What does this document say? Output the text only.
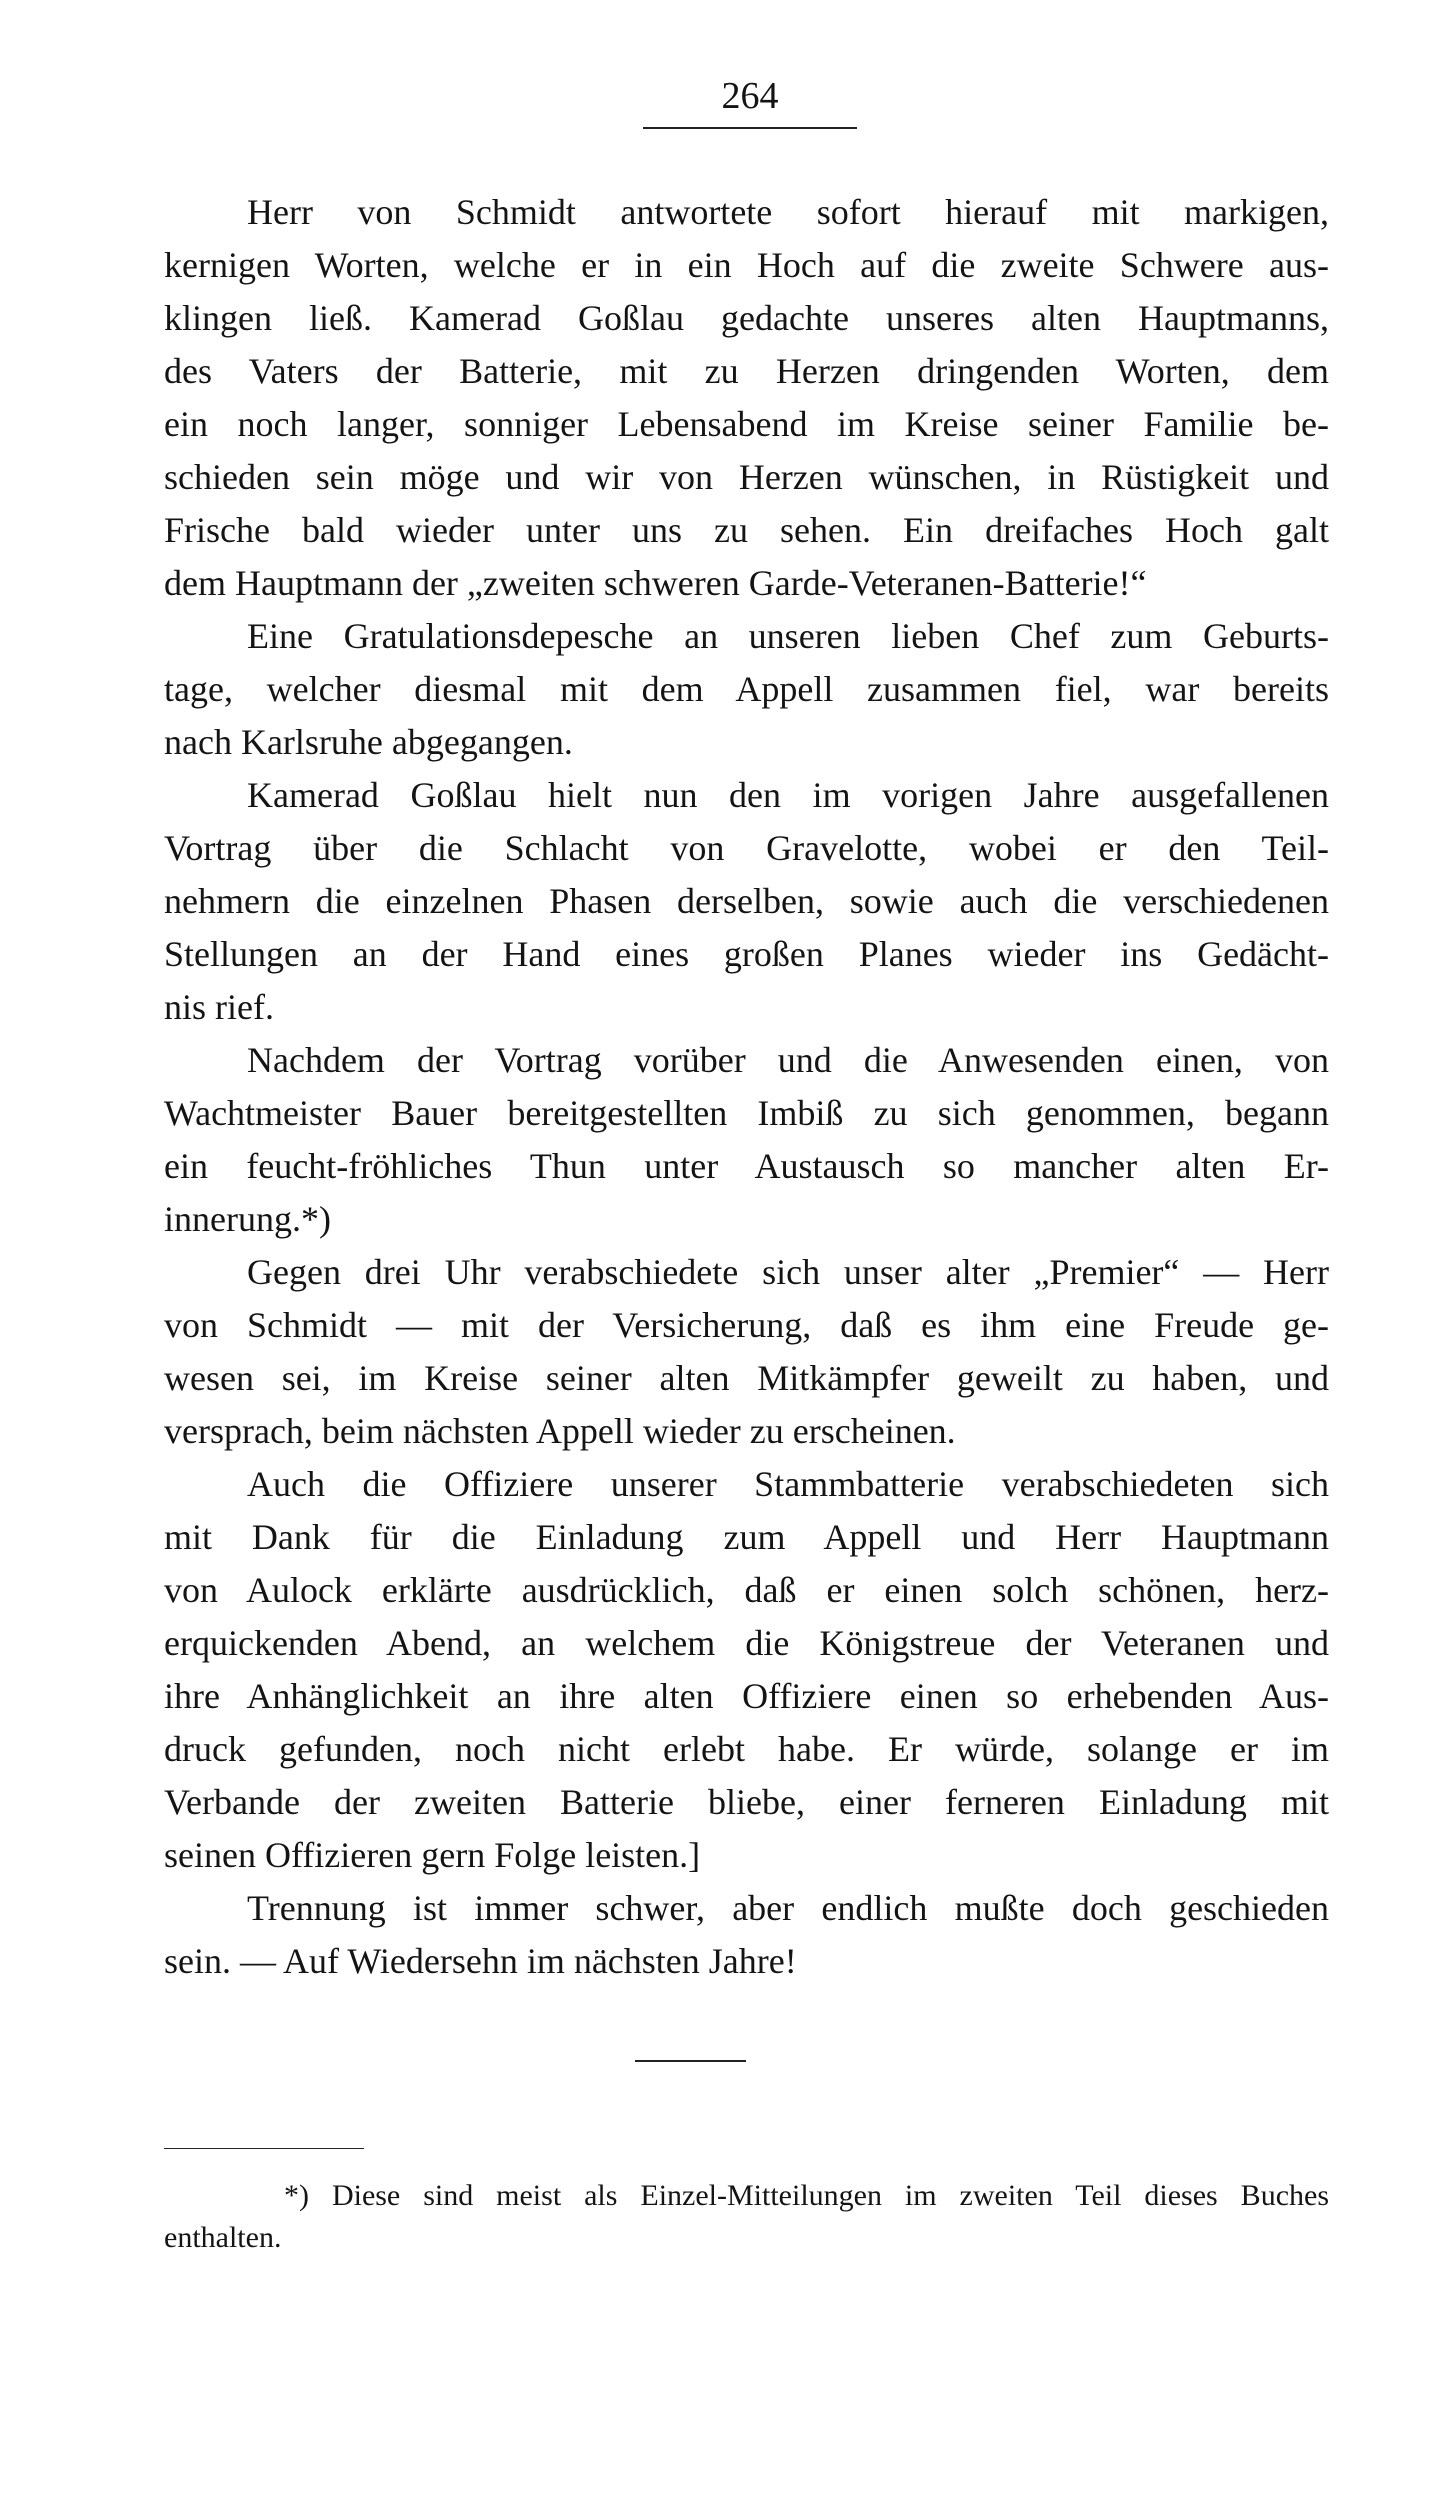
264
Herr von Schmidt antwortete sofort hierauf mit markigen,
kernigen Worten, welche er in ein Hoch auf die zweite Schwere aus-
klingen ließ. Kamerad Goßlau gedachte unseres alten Hauptmanns,
des Vaters der Batterie, mit zu Herzen dringenden Worten, dem
ein noch langer, sonniger Lebensabend im Kreise seiner Familie be-
schieden sein möge und wir von Herzen wünschen, in Rüstigkeit und
Frische bald wieder unter uns zu sehen. Ein dreifaches Hoch galt
dem Hauptmann der „zweiten schweren Garde-Veteranen-Batterie!“
Eine Gratulationsdepesche an unseren lieben Chef zum Geburts-
tage, welcher diesmal mit dem Appell zusammen fiel, war bereits
nach Karlsruhe abgegangen.
Kamerad Goßlau hielt nun den im vorigen Jahre ausgefallenen
Vortrag über die Schlacht von Gravelotte, wobei er den Teil-
nehmern die einzelnen Phasen derselben, sowie auch die verschiedenen
Stellungen an der Hand eines großen Planes wieder ins Gedächt-
nis rief.
Nachdem der Vortrag vorüber und die Anwesenden einen, von
Wachtmeister Bauer bereitgestellten Imbiß zu sich genommen, begann
ein feucht-fröhliches Thun unter Austausch so mancher alten Er-
innerung.*)
Gegen drei Uhr verabschiedete sich unser alter „Premier“ — Herr
von Schmidt — mit der Versicherung, daß es ihm eine Freude ge-
wesen sei, im Kreise seiner alten Mitkämpfer geweilt zu haben, und
versprach, beim nächsten Appell wieder zu erscheinen.
Auch die Offiziere unserer Stammbatterie verabschiedeten sich
mit Dank für die Einladung zum Appell und Herr Hauptmann
von Aulock erklärte ausdrücklich, daß er einen solch schönen, herz-
erquickenden Abend, an welchem die Königstreue der Veteranen und
ihre Anhänglichkeit an ihre alten Offiziere einen so erhebenden Aus-
druck gefunden, noch nicht erlebt habe. Er würde, solange er im
Verbande der zweiten Batterie bliebe, einer ferneren Einladung mit
seinen Offizieren gern Folge leisten.]
Trennung ist immer schwer, aber endlich mußte doch geschieden
sein. — Auf Wiedersehn im nächsten Jahre!
*) Diese sind meist als Einzel-Mitteilungen im zweiten Teil dieses Buches
enthalten.
